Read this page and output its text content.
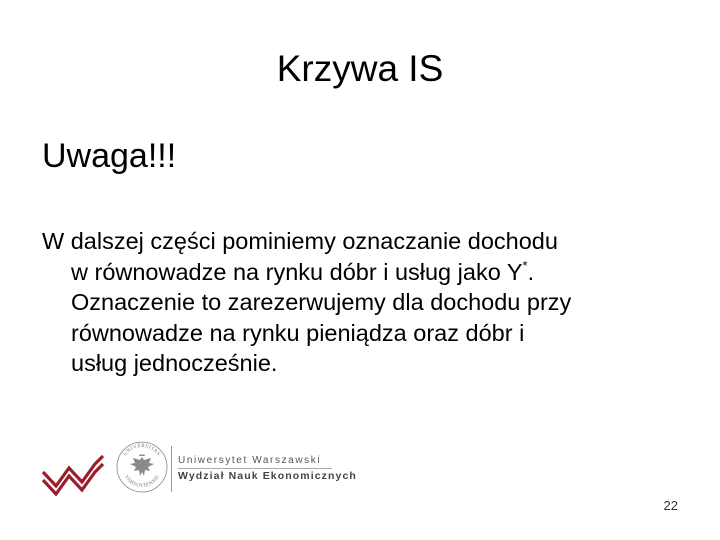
Krzywa IS
Uwaga!!!
W dalszej części pominiemy oznaczanie dochodu
w równowadze na rynku dóbr i usług jako Y*.
Oznaczenie to zarezerwujemy dla dochodu przy
równowadze na rynku pieniądza oraz dóbr i
usług jednocześnie.
UNIVERSITAS
VARSOVIENSIS
Uniwersytet Warszawski
Wydział Nauk Ekonomicznych
22
